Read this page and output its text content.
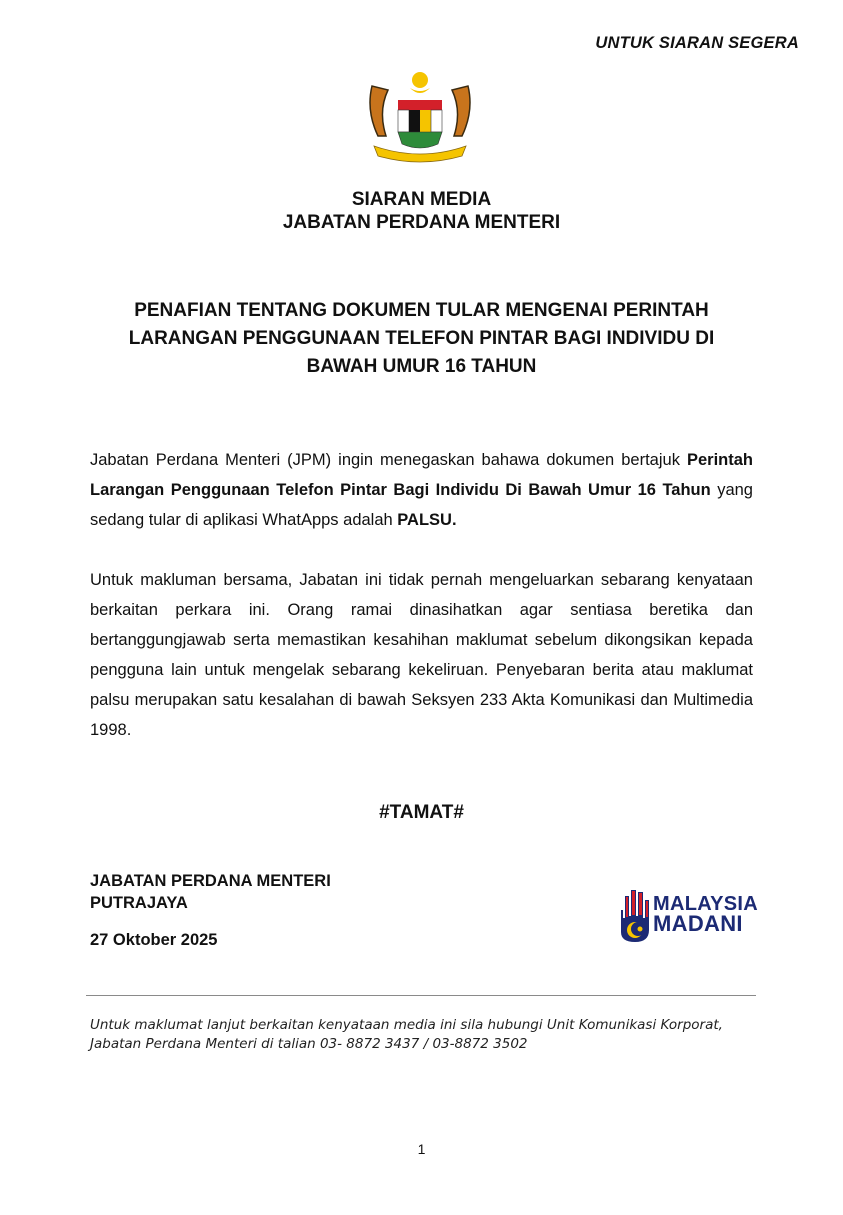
UNTUK SIARAN SEGERA
SIARAN MEDIA
JABATAN PERDANA MENTERI
PENAFIAN TENTANG DOKUMEN TULAR MENGENAI PERINTAH
LARANGAN PENGGUNAAN TELEFON PINTAR BAGI INDIVIDU DI
BAWAH UMUR 16 TAHUN
Jabatan Perdana Menteri (JPM) ingin menegaskan bahawa dokumen bertajuk Perintah Larangan Penggunaan Telefon Pintar Bagi Individu Di Bawah Umur 16 Tahun yang sedang tular di aplikasi WhatApps adalah PALSU.
Untuk makluman bersama, Jabatan ini tidak pernah mengeluarkan sebarang kenyataan berkaitan perkara ini. Orang ramai dinasihatkan agar sentiasa beretika dan bertanggungjawab serta memastikan kesahihan maklumat sebelum dikongsikan kepada pengguna lain untuk mengelak sebarang kekeliruan. Penyebaran berita atau maklumat palsu merupakan satu kesalahan di bawah Seksyen 233 Akta Komunikasi dan Multimedia 1998.
#TAMAT#
JABATAN PERDANA MENTERI
PUTRAJAYA
27 Oktober 2025
MALAYSIA
MADANI
Untuk maklumat lanjut berkaitan kenyataan media ini sila hubungi Unit Komunikasi Korporat,
Jabatan Perdana Menteri di talian 03- 8872 3437 / 03-8872 3502
1
